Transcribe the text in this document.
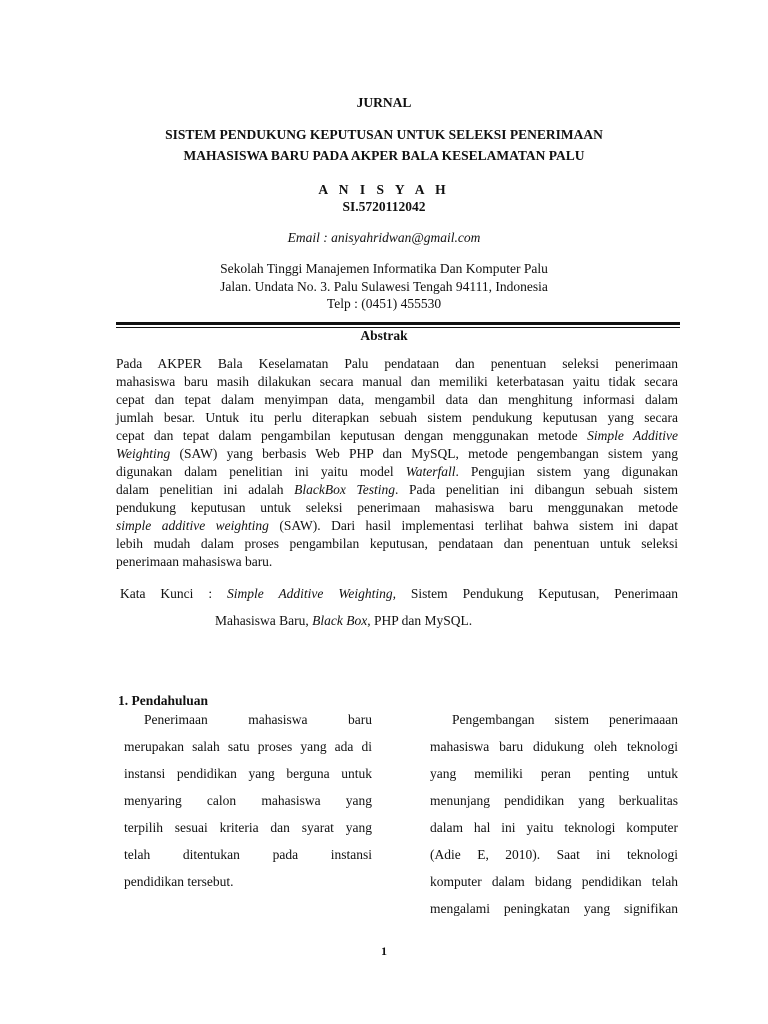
JURNAL
SISTEM PENDUKUNG KEPUTUSAN UNTUK SELEKSI PENERIMAAN
MAHASISWA BARU PADA AKPER BALA KESELAMATAN PALU
A N I S Y A H
SI.5720112042
Email : anisyahridwan@gmail.com
Sekolah Tinggi Manajemen Informatika Dan Komputer Palu
Jalan. Undata No. 3. Palu Sulawesi Tengah 94111, Indonesia
Telp : (0451) 455530
Abstrak
Pada AKPER Bala Keselamatan Palu pendataan dan penentuan seleksi penerimaan
mahasiswa baru masih dilakukan secara manual dan memiliki keterbatasan yaitu tidak secara
cepat dan tepat dalam menyimpan data, mengambil data dan menghitung informasi dalam
jumlah besar. Untuk itu perlu diterapkan sebuah sistem pendukung keputusan yang secara
cepat dan tepat dalam pengambilan keputusan dengan menggunakan metode Simple Additive
Weighting (SAW) yang berbasis Web PHP dan MySQL, metode pengembangan sistem yang
digunakan dalam penelitian ini yaitu model Waterfall. Pengujian sistem yang digunakan
dalam penelitian ini adalah BlackBox Testing. Pada penelitian ini dibangun sebuah sistem
pendukung keputusan untuk seleksi penerimaan mahasiswa baru menggunakan metode
simple additive weighting (SAW). Dari hasil implementasi terlihat bahwa sistem ini dapat
lebih mudah dalam proses pengambilan keputusan, pendataan dan penentuan untuk seleksi
penerimaan mahasiswa baru.
Kata Kunci : Simple Additive Weighting, Sistem Pendukung Keputusan, Penerimaan
Mahasiswa Baru, Black Box, PHP dan MySQL.
1. Pendahuluan
Penerimaan mahasiswa baru
merupakan salah satu proses yang ada di
instansi pendidikan yang berguna untuk
menyaring calon mahasiswa yang
terpilih sesuai kriteria dan syarat yang
telah ditentukan pada instansi
pendidikan tersebut.
Pengembangan sistem penerimaaan
mahasiswa baru didukung oleh teknologi
yang memiliki peran penting untuk
menunjang pendidikan yang berkualitas
dalam hal ini yaitu teknologi komputer
(Adie E, 2010). Saat ini teknologi
komputer dalam bidang pendidikan telah
mengalami peningkatan yang signifikan
1
